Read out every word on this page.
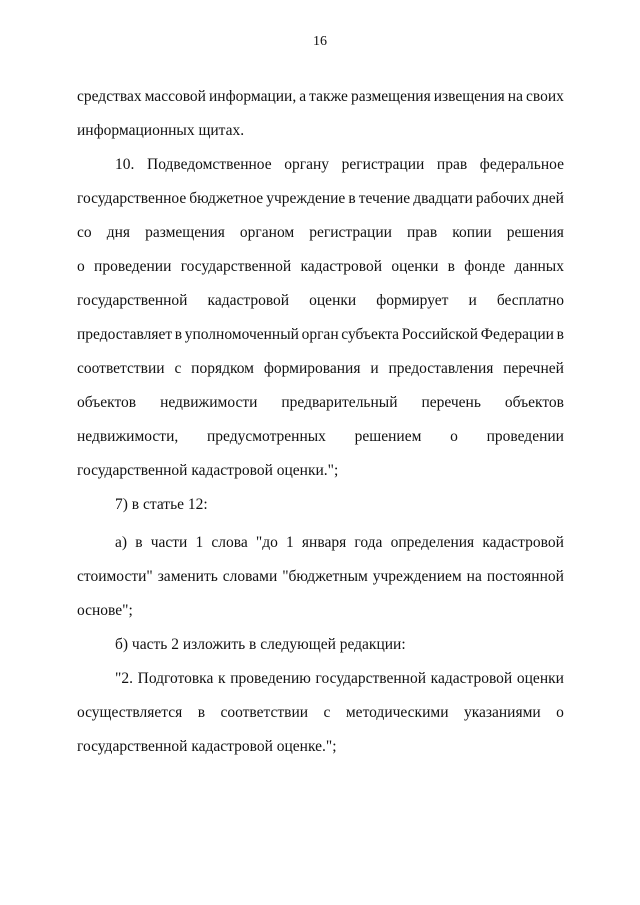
16
средствах массовой информации, а также размещения извещения на своих
информационных щитах.
10. Подведомственное органу регистрации прав федеральное
государственное бюджетное учреждение в течение двадцати рабочих дней
со дня размещения органом регистрации прав копии решения
о проведении государственной кадастровой оценки в фонде данных
государственной кадастровой оценки формирует и бесплатно
предоставляет в уполномоченный орган субъекта Российской Федерации в
соответствии с порядком формирования и предоставления перечней
объектов недвижимости предварительный перечень объектов
недвижимости, предусмотренных решением о проведении
государственной кадастровой оценки.";
7) в статье 12:
а) в части 1 слова "до 1 января года определения кадастровой
стоимости" заменить словами "бюджетным учреждением на постоянной
основе";
б) часть 2 изложить в следующей редакции:
"2. Подготовка к проведению государственной кадастровой оценки
осуществляется в соответствии с методическими указаниями о
государственной кадастровой оценке.";
